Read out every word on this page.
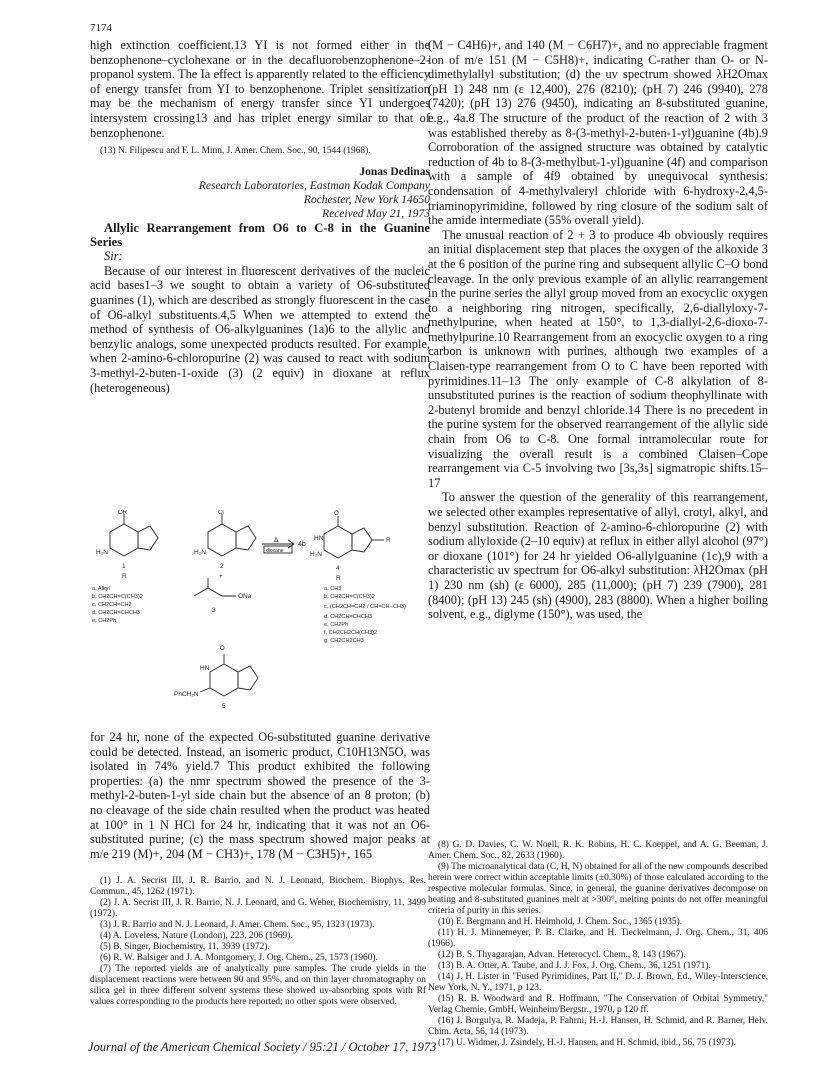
7174

high extinction coefficient.13 YI is not formed either in the benzophenone–cyclohexane or in the decafluorobenzophenone–2-propanol system. The Ia effect is apparently related to the efficiency of energy transfer from YI to benzophenone. Triplet sensitization may be the mechanism of energy transfer since YI undergoes intersystem crossing13 and has triplet energy similar to that of benzophenone.

(13) N. Filipescu and F. L. Minn, J. Amer. Chem. Soc., 90, 1544 (1968).

Jonas Dedinas
Research Laboratories, Eastman Kodak Company
Rochester, New York 14650
Received May 21, 1973

Allylic Rearrangement from O6 to C-8 in the Guanine Series

Sir:

Because of our interest in fluorescent derivatives of the nucleic acid bases1–3 we sought to obtain a variety of O6-substituted guanines (1), which are described as strongly fluorescent in the case of O6-alkyl substituents.4,5 When we attempted to extend the method of synthesis of O6-alkylguanines (1a)6 to the allylic and benzylic analogs, some unexpected products resulted. For example, when 2-amino-6-chloropurine (2) was caused to react with sodium 3-methyl-2-buten-1-oxide (3) (2 equiv) in dioxane at reflux (heterogeneous)

OR
H₂N
Cl
H₂N
O
HN
H₂N
R
Δ
dioxane
4b
1
R
2
+
ONa
3
4
R
5
O
HN
PhCH₂N
a, Alkyl
b, CH2CH=C(CH3)2
c, CH2CH=CH2
d, CH2CH=CHCH3
e, CH2Ph
a, CH3
b, CH2CH=C(CH3)2
c, (CH2CH=CH2 / CH=CH−CH3)
d, CH2CH=CHCH3
e, CH2Ph
f, CH2CH2CH(CH3)2
g, CH2CH2CH3

for 24 hr, none of the expected O6-substituted guanine derivative could be detected. Instead, an isomeric product, C10H13N5O, was isolated in 74% yield.7 This product exhibited the following properties: (a) the nmr spectrum showed the presence of the 3-methyl-2-buten-1-yl side chain but the absence of an 8 proton; (b) no cleavage of the side chain resulted when the product was heated at 100° in 1 N HCl for 24 hr, indicating that it was not an O6-substituted purine; (c) the mass spectrum showed major peaks at m/e 219 (M)+, 204 (M − CH3)+, 178 (M − C3H5)+, 165

(1) J. A. Secrist III, J. R. Barrio, and N. J. Leonard, Biochem. Biophys. Res. Commun., 45, 1262 (1971).

(2) J. A. Secrist III, J. R. Barrio, N. J. Leonard, and G. Weber, Biochemistry, 11, 3499 (1972).

(3) J. R. Barrio and N. J. Leonard, J. Amer. Chem. Soc., 95, 1323 (1973).

(4) A. Loveless, Nature (London), 223, 206 (1969).

(5) B. Singer, Biochemistry, 11, 3939 (1972).

(6) R. W. Balsiger and J. A. Montgomery, J. Org. Chem., 25, 1573 (1960).

(7) The reported yields are of analytically pure samples. The crude yields in the displacement reactions were between 90 and 95%, and on thin layer chromatography on silica gel in three different solvent systems these showed uv-absorbing spots with Rf values corresponding to the products here reported; no other spots were observed.

(M − C4H6)+, and 140 (M − C6H7)+, and no appreciable fragment ion of m/e 151 (M − C5H8)+, indicating C-rather than O- or N-dimethylallyl substitution; (d) the uv spectrum showed λH2Omax (pH 1) 248 nm (ε 12,400), 276 (8210); (pH 7) 246 (9940), 278 (7420); (pH 13) 276 (9450), indicating an 8-substituted guanine, e.g., 4a.8 The structure of the product of the reaction of 2 with 3 was established thereby as 8-(3-methyl-2-buten-1-yl)guanine (4b).9 Corroboration of the assigned structure was obtained by catalytic reduction of 4b to 8-(3-methylbut-1-yl)guanine (4f) and comparison with a sample of 4f9 obtained by unequivocal synthesis: condensation of 4-methylvaleryl chloride with 6-hydroxy-2,4,5-triaminopyrimidine, followed by ring closure of the sodium salt of the amide intermediate (55% overall yield).

The unusual reaction of 2 + 3 to produce 4b obviously requires an initial displacement step that places the oxygen of the alkoxide 3 at the 6 position of the purine ring and subsequent allylic C–O bond cleavage. In the only previous example of an allylic rearrangement in the purine series the allyl group moved from an exocyclic oxygen to a neighboring ring nitrogen, specifically, 2,6-diallyloxy-7-methylpurine, when heated at 150°, to 1,3-diallyl-2,6-dioxo-7-methylpurine.10 Rearrangement from an exocyclic oxygen to a ring carbon is unknown with purines, although two examples of a Claisen-type rearrangement from O to C have been reported with pyrimidines.11–13 The only example of C-8 alkylation of 8-unsubstituted purines is the reaction of sodium theophyllinate with 2-butenyl bromide and benzyl chloride.14 There is no precedent in the purine system for the observed rearrangement of the allylic side chain from O6 to C-8. One formal intramolecular route for visualizing the overall result is a combined Claisen–Cope rearrangement via C-5 involving two [3s,3s] sigmatropic shifts.15–17

To answer the question of the generality of this rearrangement, we selected other examples representative of allyl, crotyl, alkyl, and benzyl substitution. Reaction of 2-amino-6-chloropurine (2) with sodium allyloxide (2–10 equiv) at reflux in either allyl alcohol (97°) or dioxane (101°) for 24 hr yielded O6-allylguanine (1c),9 with a characteristic uv spectrum for O6-alkyl substitution: λH2Omax (pH 1) 230 nm (sh) (ε 6000), 285 (11,000); (pH 7) 239 (7900), 281 (8400); (pH 13) 245 (sh) (4900), 283 (8800). When a higher boiling solvent, e.g., diglyme (150°), was used, the

(8) G. D. Davies, C. W. Noell, R. K. Robins, H. C. Koeppel, and A. G. Beeman, J. Amer. Chem. Soc., 82, 2633 (1960).

(9) The microanalytical data (C, H, N) obtained for all of the new compounds described herein were correct within acceptable limits (±0.30%) of those calculated according to the respective molecular formulas. Since, in general, the guanine derivatives decompose on heating and 8-substituted guanines melt at >300°, melting points do not offer meaningful criteria of purity in this series.

(10) E. Bergmann and H. Heimhold, J. Chem. Soc., 1365 (1935).

(11) H. J. Minnemeyer, P. B. Clarke, and H. Tieckelmann, J. Org. Chem., 31, 406 (1966).

(12) B. S. Thyagarajan, Advan. Heterocycl. Chem., 8, 143 (1967).

(13) B. A. Otter, A. Taube, and J. J. Fox, J. Org. Chem., 36, 1251 (1971).

(14) J. H. Lister in "Fused Pyrimidines, Part II," D. J. Brown, Ed., Wiley-Interscience, New York, N. Y., 1971, p 123.

(15) R. B. Woodward and R. Hoffmann, "The Conservation of Orbital Symmetry," Verlag Chemie, GmbH, Weinheim/Bergstr., 1970, p 120 ff.

(16) J. Borgulya, R. Madeja, P. Fahrni, H.-J. Hansen, H. Schmid, and R. Barner, Helv. Chim. Acta, 56, 14 (1973).

(17) U. Widmer, J. Zsindely, H.-J. Hansen, and H. Schmid, ibid., 56, 75 (1973).

Journal of the American Chemical Society / 95:21 / October 17, 1973
